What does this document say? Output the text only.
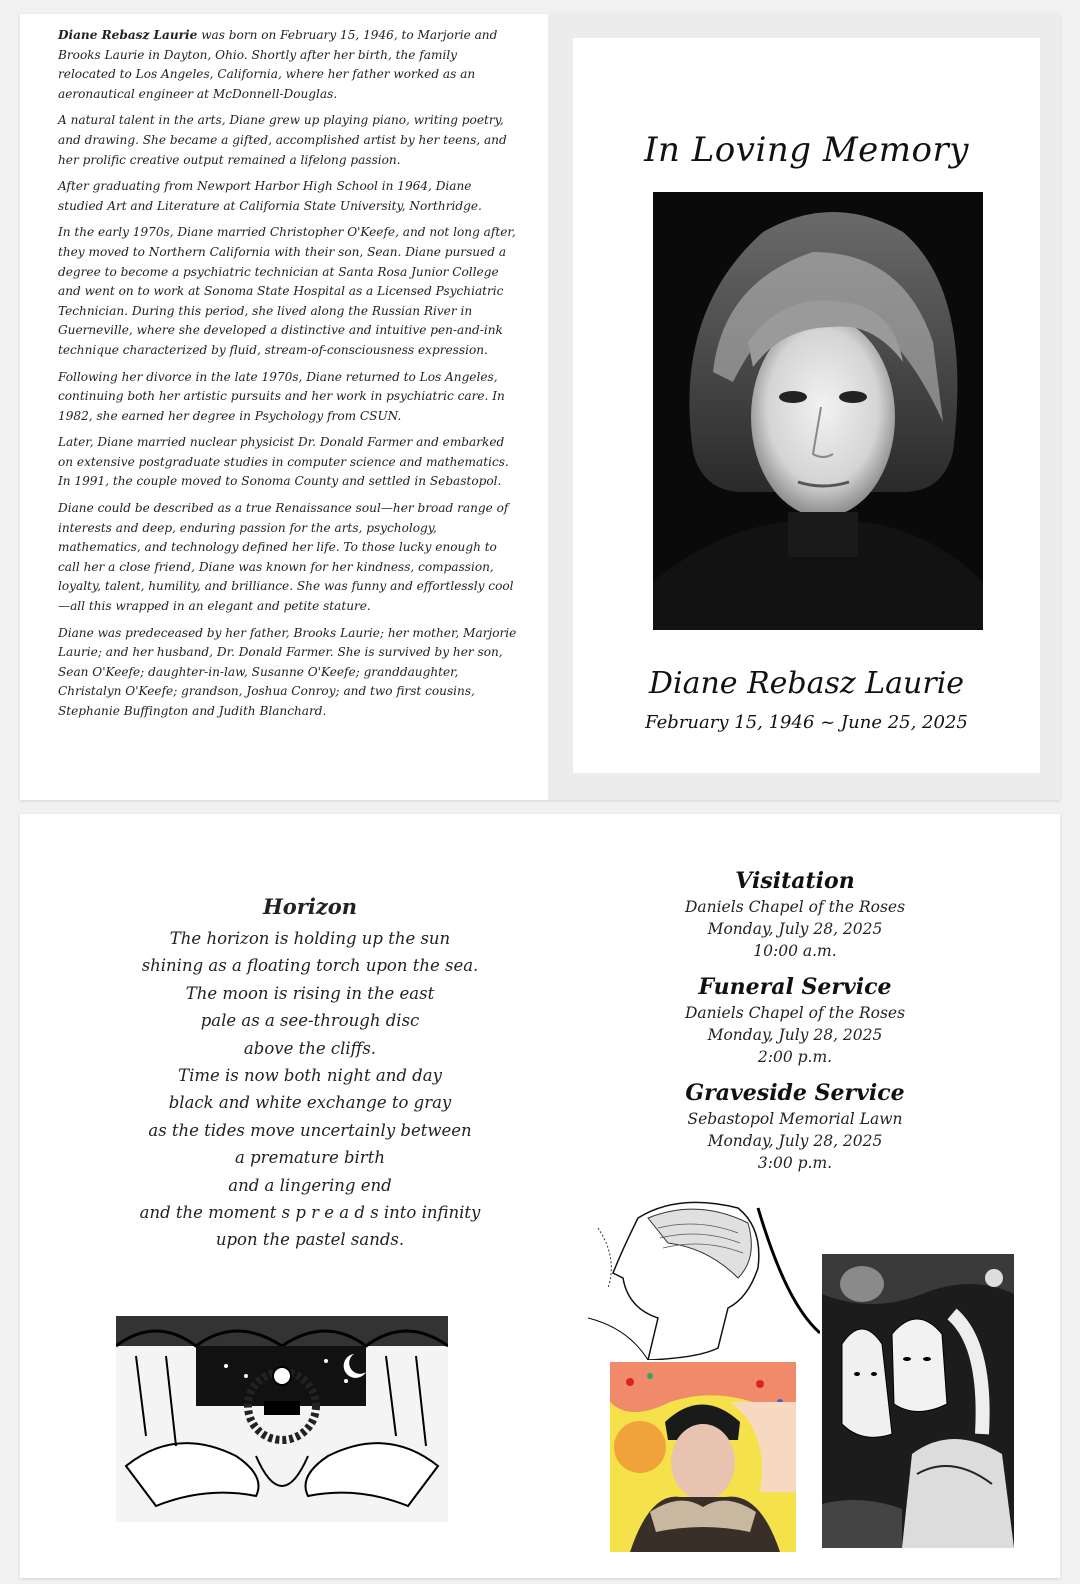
Diane Rebasz Laurie was born on February 15, 1946, to Marjorie and Brooks Laurie in Dayton, Ohio. Shortly after her birth, the family relocated to Los Angeles, California, where her father worked as an aeronautical engineer at McDonnell-Douglas.

A natural talent in the arts, Diane grew up playing piano, writing poetry, and drawing. She became a gifted, accomplished artist by her teens, and her prolific creative output remained a lifelong passion.

After graduating from Newport Harbor High School in 1964, Diane studied Art and Literature at California State University, Northridge.

In the early 1970s, Diane married Christopher O'Keefe, and not long after, they moved to Northern California with their son, Sean. Diane pursued a degree to become a psychiatric technician at Santa Rosa Junior College and went on to work at Sonoma State Hospital as a Licensed Psychiatric Technician. During this period, she lived along the Russian River in Guerneville, where she developed a distinctive and intuitive pen-and-ink technique characterized by fluid, stream-of-consciousness expression.

Following her divorce in the late 1970s, Diane returned to Los Angeles, continuing both her artistic pursuits and her work in psychiatric care. In 1982, she earned her degree in Psychology from CSUN.

Later, Diane married nuclear physicist Dr. Donald Farmer and embarked on extensive postgraduate studies in computer science and mathematics. In 1991, the couple moved to Sonoma County and settled in Sebastopol.

Diane could be described as a true Renaissance soul—her broad range of interests and deep, enduring passion for the arts, psychology, mathematics, and technology defined her life. To those lucky enough to call her a close friend, Diane was known for her kindness, compassion, loyalty, talent, humility, and brilliance. She was funny and effortlessly cool—all this wrapped in an elegant and petite stature.

Diane was predeceased by her father, Brooks Laurie; her mother, Marjorie Laurie; and her husband, Dr. Donald Farmer. She is survived by her son, Sean O'Keefe; daughter-in-law, Susanne O'Keefe; granddaughter, Christalyn O'Keefe; grandson, Joshua Conroy; and two first cousins, Stephanie Buffington and Judith Blanchard.

In Loving Memory
Diane Rebasz Laurie
February 15, 1946 ~ June 25, 2025
Horizon
The horizon is holding up the sun
shining as a floating torch upon the sea.
The moon is rising in the east
pale as a see-through disc
above the cliffs.
Time is now both night and day
black and white exchange to gray
as the tides move uncertainly between
a premature birth
and a lingering end
and the moment s p r e a d s into infinity
upon the pastel sands.
Visitation
Daniels Chapel of the Roses
Monday, July 28, 2025
10:00 a.m.
Funeral Service
Daniels Chapel of the Roses
Monday, July 28, 2025
2:00 p.m.
Graveside Service
Sebastopol Memorial Lawn
Monday, July 28, 2025
3:00 p.m.
